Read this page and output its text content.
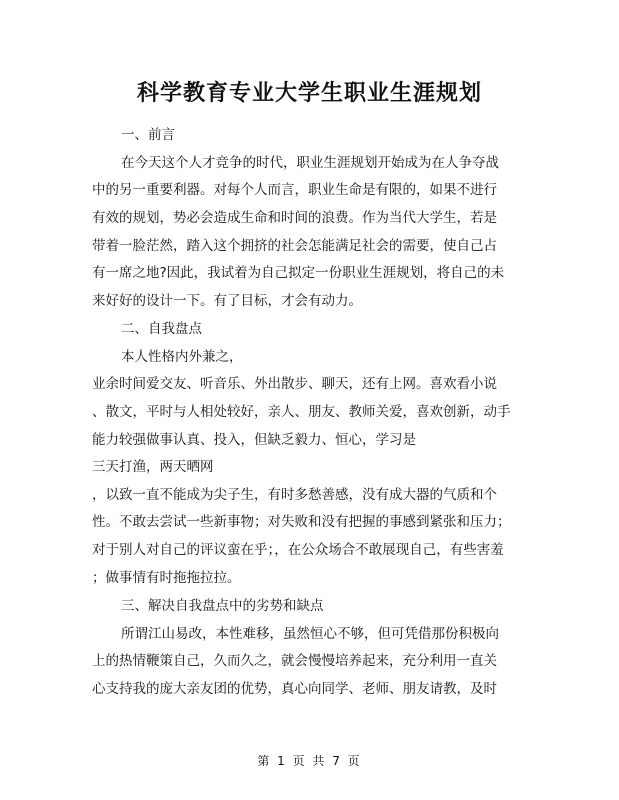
科学教育专业大学生职业生涯规划
一、前言
在今天这个人才竞争的时代，职业生涯规划开始成为在人争夺战
中的另一重要利器。对每个人而言，职业生命是有限的，如果不进行
有效的规划，势必会造成生命和时间的浪费。作为当代大学生，若是
带着一脸茫然，踏入这个拥挤的社会怎能满足社会的需要，使自己占
有一席之地?因此，我试着为自己拟定一份职业生涯规划，将自己的未
来好好的设计一下。有了目标，才会有动力。
二、自我盘点
本人性格内外兼之，
业余时间爱交友、听音乐、外出散步、聊天，还有上网。喜欢看小说
、散文，平时与人相处较好，亲人、朋友、教师关爱，喜欢创新，动手
能力较强做事认真、投入，但缺乏毅力、恒心，学习是
三天打渔，两天晒网
，以致一直不能成为尖子生，有时多愁善感，没有成大器的气质和个
性。不敢去尝试一些新事物；对失败和没有把握的事感到紧张和压力；
对于别人对自己的评议蛮在乎；，在公众场合不敢展现自己，有些害羞
；做事情有时拖拖拉拉。
三、解决自我盘点中的劣势和缺点
所谓江山易改，本性难移，虽然恒心不够，但可凭借那份积极向
上的热情鞭策自己，久而久之，就会慢慢培养起来，充分利用一直关
心支持我的庞大亲友团的优势，真心向同学、老师、朋友请教，及时
第 1 页 共 7 页
